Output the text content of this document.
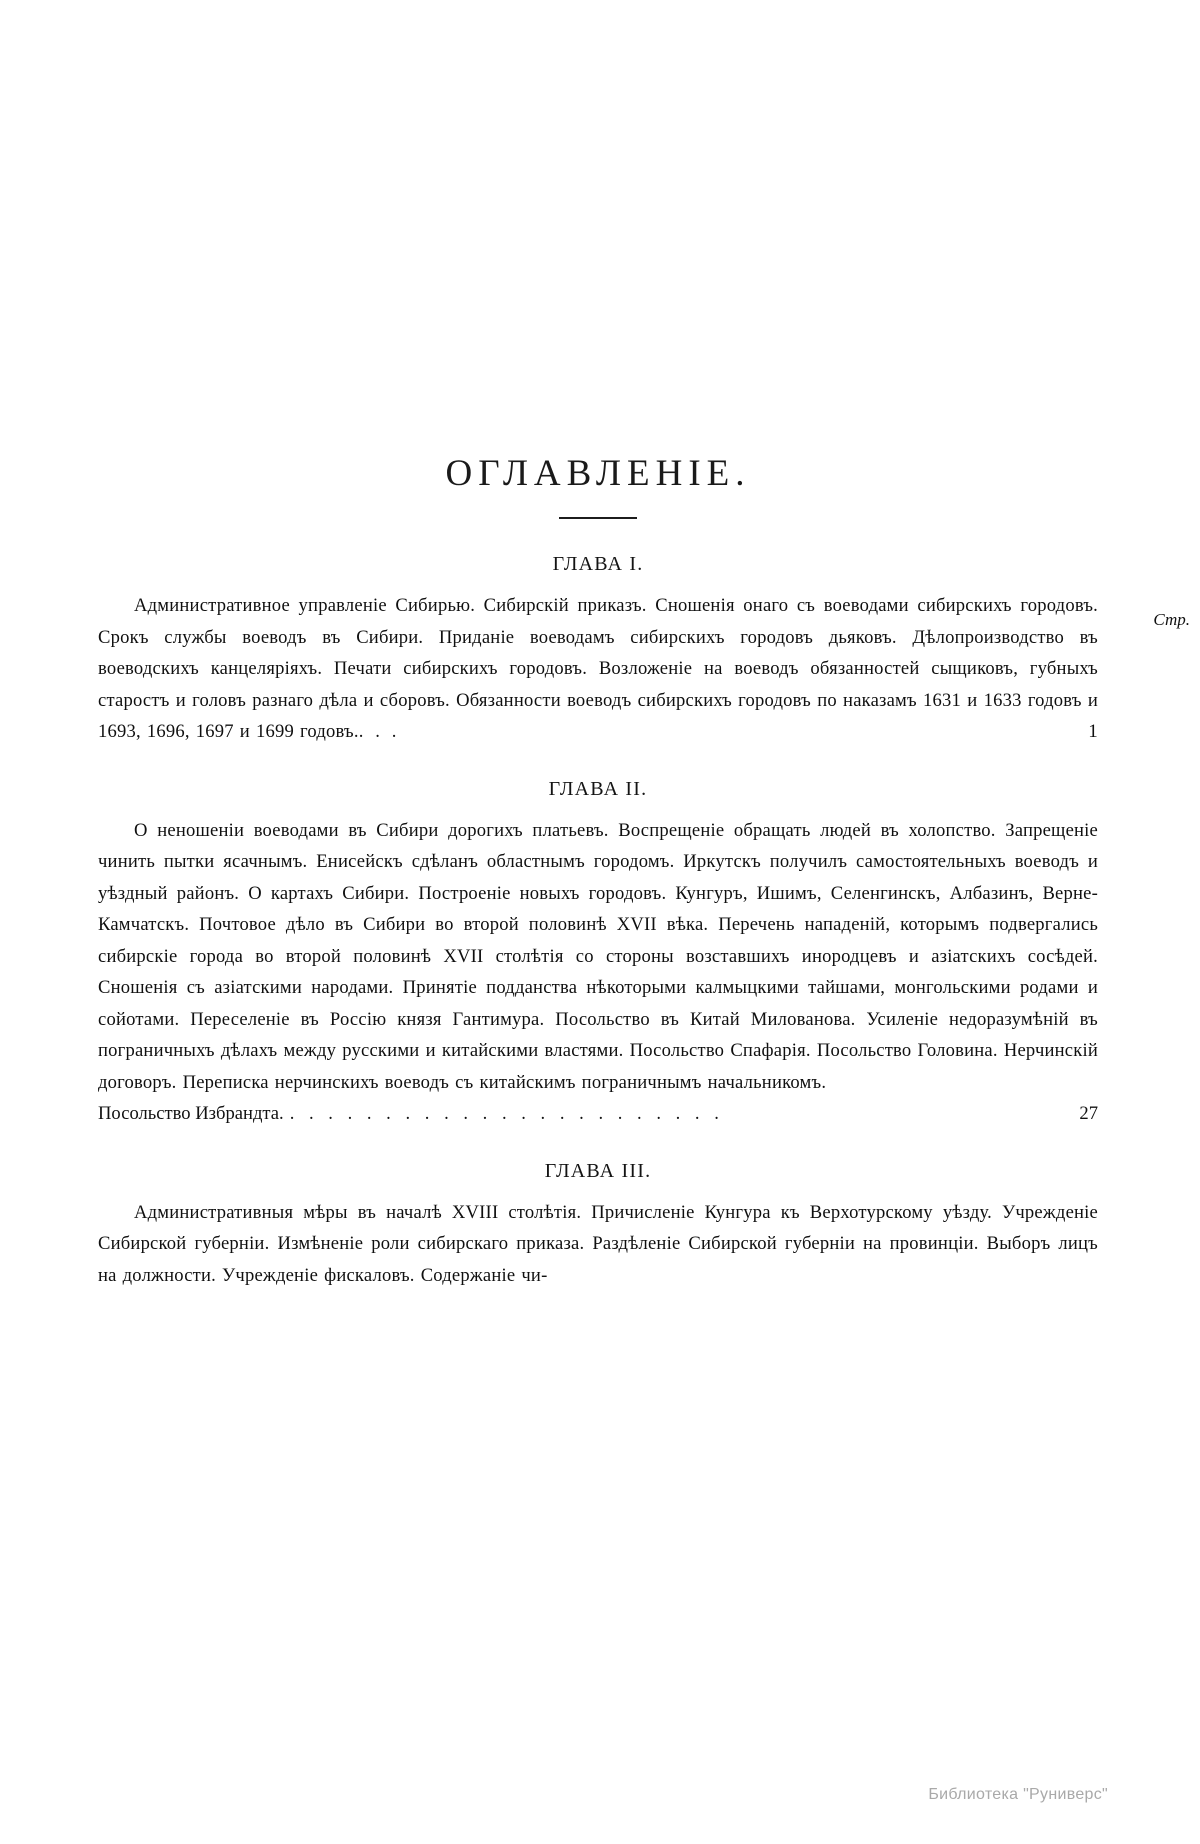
ОГЛАВЛЕНІЕ.
ГЛАВА I.

Административное управленіе Сибирью. Сибирскій приказъ. Сношенія онаго съ воеводами сибирскихъ городовъ. Срокъ службы воеводъ въ Сибири. Приданіе воеводамъ сибирскихъ городовъ дьяковъ. Дѣлопроизводство въ воеводскихъ канцеляріяхъ. Печати сибирскихъ городовъ. Возложеніе на воеводъ обязанностей сыщиковъ, губныхъ старостъ и головъ разнаго дѣла и сборовъ. Обязанности воеводъ сибирскихъ городовъ по наказамъ 1631 и 1633 годовъ и 1693, 1696, 1697 и 1699 годовъ.	1
. . .

ГЛАВА II.

О неношеніи воеводами въ Сибири дорогихъ платьевъ. Воспрещеніе обращать людей въ холопство. Запрещеніе чинить пытки ясачнымъ. Енисейскъ сдѣланъ областнымъ городомъ. Иркутскъ получилъ самостоятельныхъ воеводъ и уѣздный районъ. О картахъ Сибири. Построеніе новыхъ городовъ. Кунгуръ, Ишимъ, Селенгинскъ, Албазинъ, Верне-Камчатскъ. Почтовое дѣло въ Сибири во второй половинѣ XVII вѣка. Перечень нападеній, которымъ подвергались сибирскіе города во второй половинѣ XVII столѣтія со стороны возставшихъ инородцевъ и азіатскихъ сосѣдей. Сношенія съ азіатскими народами. Принятіе подданства нѣкоторыми калмыцкими тайшами, монгольскими родами и сойотами. Переселеніе въ Россію князя Гантимура. Посольство въ Китай Милованова. Усиленіе недоразумѣній въ пограничныхъ дѣлахъ между русскими и китайскими властями. Посольство Спафарія. Посольство Головина. Нерчинскій договоръ. Переписка нерчинскихъ воеводъ съ китайскимъ пограничнымъ начальникомъ.

Посольство Избрандта. . . . . . . . . . . . . . . . . . . . . . . .	27
ГЛАВА III.

Административныя мѣры въ началѣ XVIII столѣтія. Причисленіе Кунгура къ Верхотурскому уѣзду. Учрежденіе Сибирской губерніи. Измѣненіе роли сибирскаго приказа. Раздѣленіе Сибирской губерніи на провинціи. Выборъ лицъ на должности. Учрежденіе фискаловъ. Содержаніе чи-

Стр.
Библиотека "Руниверс"
